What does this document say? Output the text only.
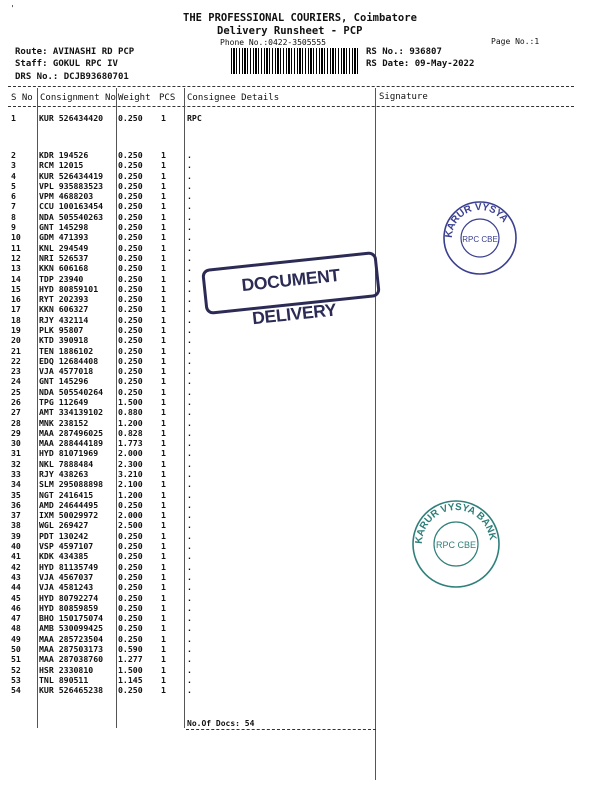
'
THE PROFESSIONAL COURIERS, Coimbatore
Delivery Runsheet - PCP
Phone No.:0422-3505555	Page No.:1
Route: AVINASHI RD PCP
Staff: GOKUL RPC IV
DRS No.: DCJB93680701
RS No.: 936807
RS Date: 09-May-2022
S No Consignment No Weight PCS Consignee Details	Signature
1	KUR 526434420 0.250 1	RPC
2	KDR 194526	0.250 1	.
3	RCM 12015	0.250 1	.
4	KUR 526434419 0.250 1	.
5	VPL 935883523 0.250 1	.
6	VPM 4688203	0.250 1	.
7	CCU 100163454 0.250 1	.
8	NDA 505540263 0.250 1	.
9	GNT 145298	0.250 1	.
10 GDM 471393	0.250 1	.
11 KNL 294549	0.250 1	.
12 NRI 526537	0.250 1	.
13 KKN 606168	0.250 1	.
14 TDP 23940	0.250 1	.
15 HYD 80859101 0.250 1	.
16 RYT 202393	0.250 1	.
17 KKN 606327	0.250 1	.
18 RJY 432114	0.250 1	.
19 PLK 95807	0.250 1	.
20 KTD 390918	0.250 1	.
21 TEN 1886102	0.250 1	.
22 EDQ 12684408 0.250 1	.
23 VJA 4577018	0.250 1	.
24 GNT 145296	0.250 1	.
25 NDA 505540264 0.250 1	.
26 TPG 112649	1.500 1	.
27 AMT 334139102 0.880 1	.
28 MNK 238152	1.200 1	.
29 MAA 287496025 0.828 1	.
30 MAA 288444189 1.773 1	.
31 HYD 81071969 2.000 1	.
32 NKL 7888484	2.300 1	.
33 RJY 438263	3.210 1	.
34 SLM 295088898 2.100 1	.
35 NGT 2416415	1.200 1	.
36 AMD 24644495 0.250 1	.
37 IXM 50029972 2.000 1	.
38 WGL 269427	2.500 1	.
39 PDT 130242	0.250 1	.
40 VSP 4597107	0.250 1	.
41 KDK 434385	0.250 1	.
42 HYD 81135749 0.250 1	.
43 VJA 4567037	0.250 1	.
44 VJA 4581243	0.250 1	.
45 HYD 80792274 0.250 1	.
46 HYD 80859859 0.250 1	.
47 BHO 150175074 0.250 1	.
48 AMB 530099425 0.250 1	.
49 MAA 285723504 0.250 1	.
50 MAA 287503173 0.590 1	.
51 MAA 287038760 1.277 1	.
52 HSR 2330810	1.500 1	.
53 TNL 890511	1.145 1	.
54 KUR 526465238 0.250 1	.
No.Of Docs: 54
DOCUMENT DELIVERY
KARUR VYSYA
RPC CBE
KARUR VYSYA BANK
RPC CBE
